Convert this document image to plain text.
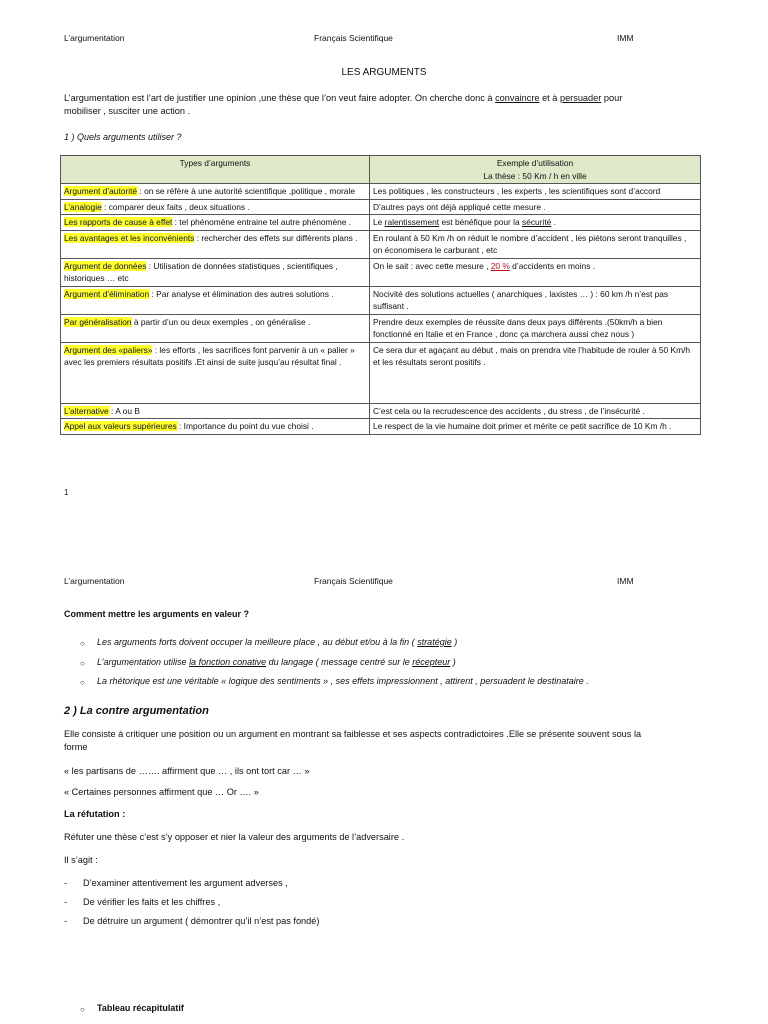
L’argumentation	Français Scientifique	IMM
LES ARGUMENTS
L’argumentation est l’art de justifier une opinion ,une thèse que l’on veut faire adopter. On cherche donc à convaincre et à persuader pour
mobiliser , susciter une action .
1 ) Quels arguments utiliser ?
Types d’arguments	Exemple d’utilisation
La thèse : 50 Km / h en ville

Argument d’autorité : on se réfère à une autorité scientifique ,politique , morale	Les politiques , les constructeurs , les experts , les scientifiques sont d’accord
L’analogie : comparer deux faits , deux situations .	D’autres pays ont déjà appliqué cette mesure .
Les rapports de cause à effet : tel phénomène entraine tel autre phénomène .	Le ralentissement est bénéfique pour la sécurité .
Les avantages et les inconvénients : rechercher des effets sur différents plans .	En roulant à 50 Km /h on réduit le nombre d’accident , les piétons seront tranquilles , on économisera le carburant , etc
Argument de données : Utilisation de données statistiques , scientifiques , historiques … etc	On le sait : avec cette mesure , 20 % d’accidents en moins .
Argument d’élimination : Par analyse et élimination des autres solutions .	Nocivité des solutions actuelles ( anarchiques , laxistes … ) : 60 km /h n’est pas suffisant .
Par généralisation à partir d’un ou deux exemples , on généralise .	Prendre deux exemples de réussite dans deux pays différents .(50km/h a bien fonctionné en Italie et en France , donc ça marchera aussi chez nous )
Argument des «paliers» : les efforts , les sacrifices font parvenir à un « palier » avec les premiers résultats positifs .Et ainsi de suite jusqu’au résultat final .	Ce sera dur et agaçant au début , mais on prendra vite l’habitude de rouler à 50 Km/h et les résultats seront positifs .
L’alternative : A ou B	C’est cela ou la recrudescence des accidents , du stress , de l’insécurité .
Appel aux valeurs supérieures : Importance du point du vue choisi .	Le respect de la vie humaine doit primer et mérite ce petit sacrifice de 10 Km /h .
1
L’argumentation	Français Scientifique	IMM
Comment mettre les arguments en valeur ?
○ Les arguments forts doivent occuper la meilleure place , au début et/ou à la fin ( stratégie )
○ L’argumentation utilise la fonction conative du langage ( message centré sur le récepteur )
○ La rhétorique est une véritable « logique des sentiments » , ses effets impressionnent , attirent , persuadent le destinataire .
2 ) La contre argumentation
Elle consiste à critiquer une position ou un argument en montrant sa faiblesse et ses aspects contradictoires .Elle se présente souvent sous la
forme
« les partisans de ……. affirment que … , ils ont tort car … »
« Certaines personnes affirment que … Or …. »
La réfutation :
Réfuter une thèse c’est s’y opposer et nier la valeur des arguments de l’adversaire .
Il s’agit :
- D’examiner attentivement les argument adverses ,
- De vérifier les faits et les chiffres ,
- De détruire un argument ( démontrer qu’il n’est pas fondé)
○ Tableau récapitulatif
